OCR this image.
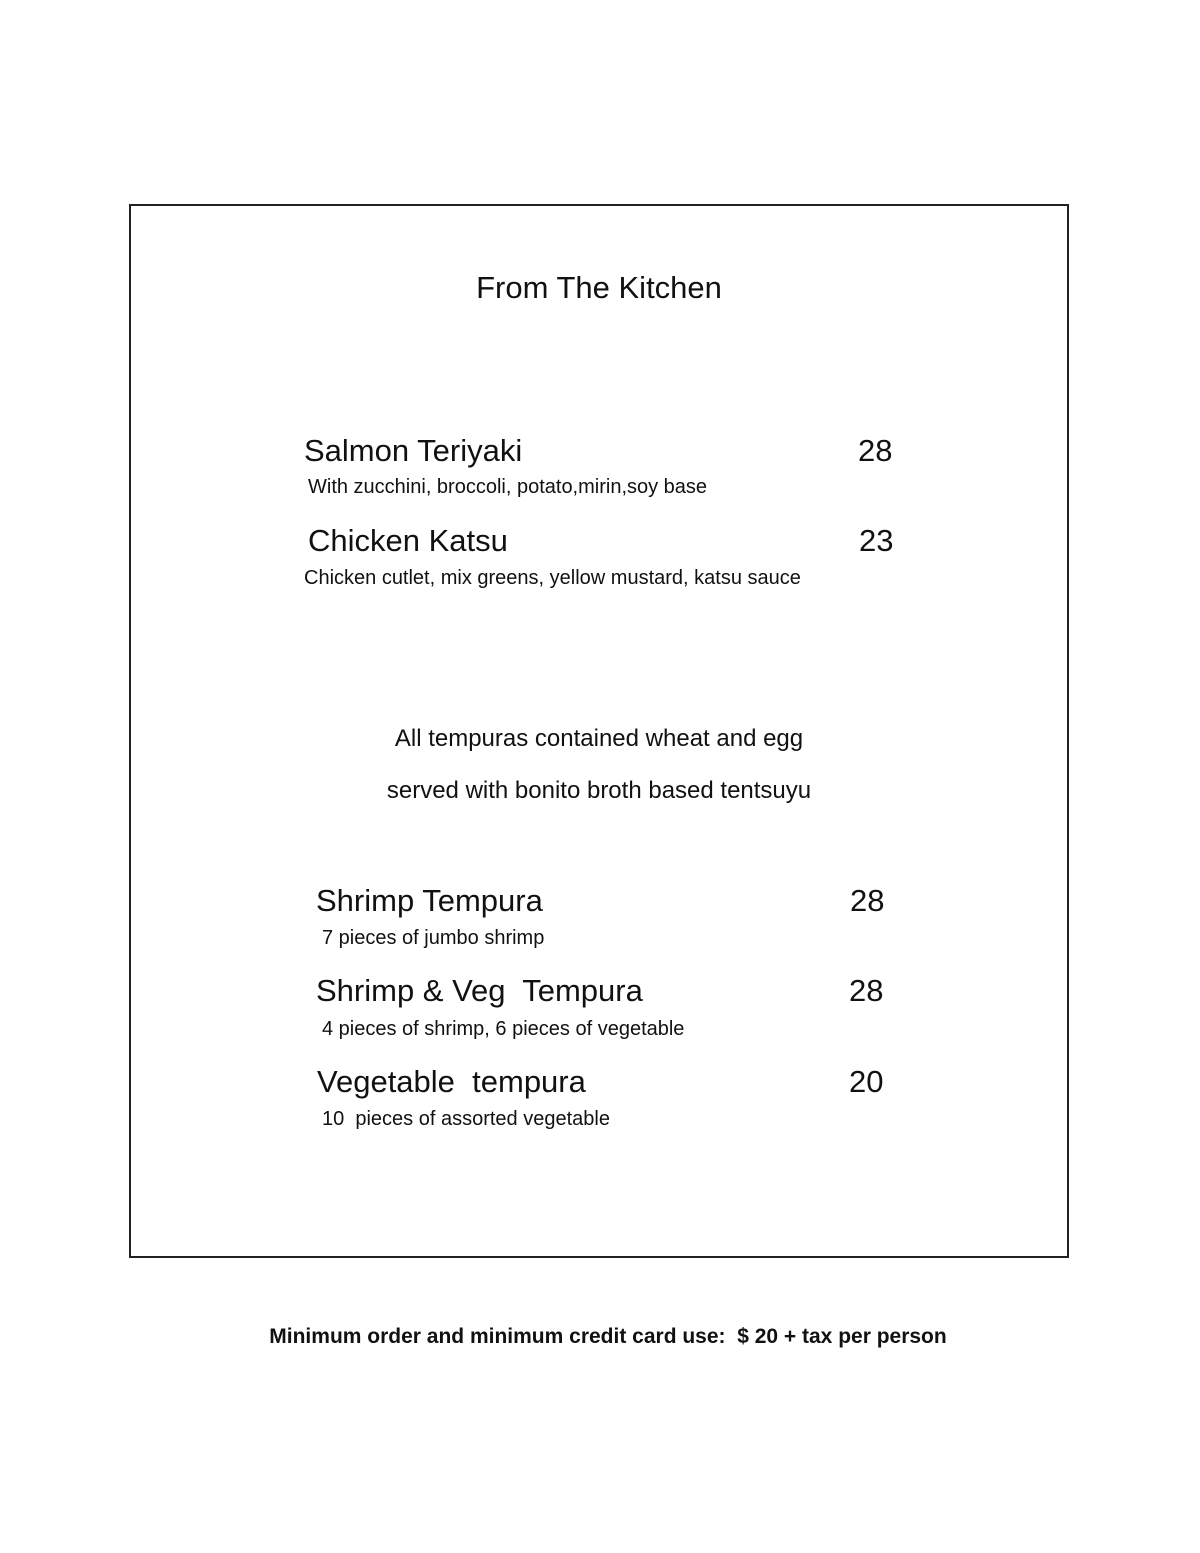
From The Kitchen
Salmon Teriyaki	28
With zucchini, broccoli, potato,mirin,soy base
Chicken Katsu	23
Chicken cutlet, mix greens, yellow mustard, katsu sauce
All tempuras contained wheat and egg
served with bonito broth based tentsuyu
Shrimp Tempura	28
7 pieces of jumbo shrimp
Shrimp & Veg  Tempura	28
4 pieces of shrimp, 6 pieces of vegetable
Vegetable  tempura	20
10  pieces of assorted vegetable
Minimum order and minimum credit card use:  $ 20 + tax per person
